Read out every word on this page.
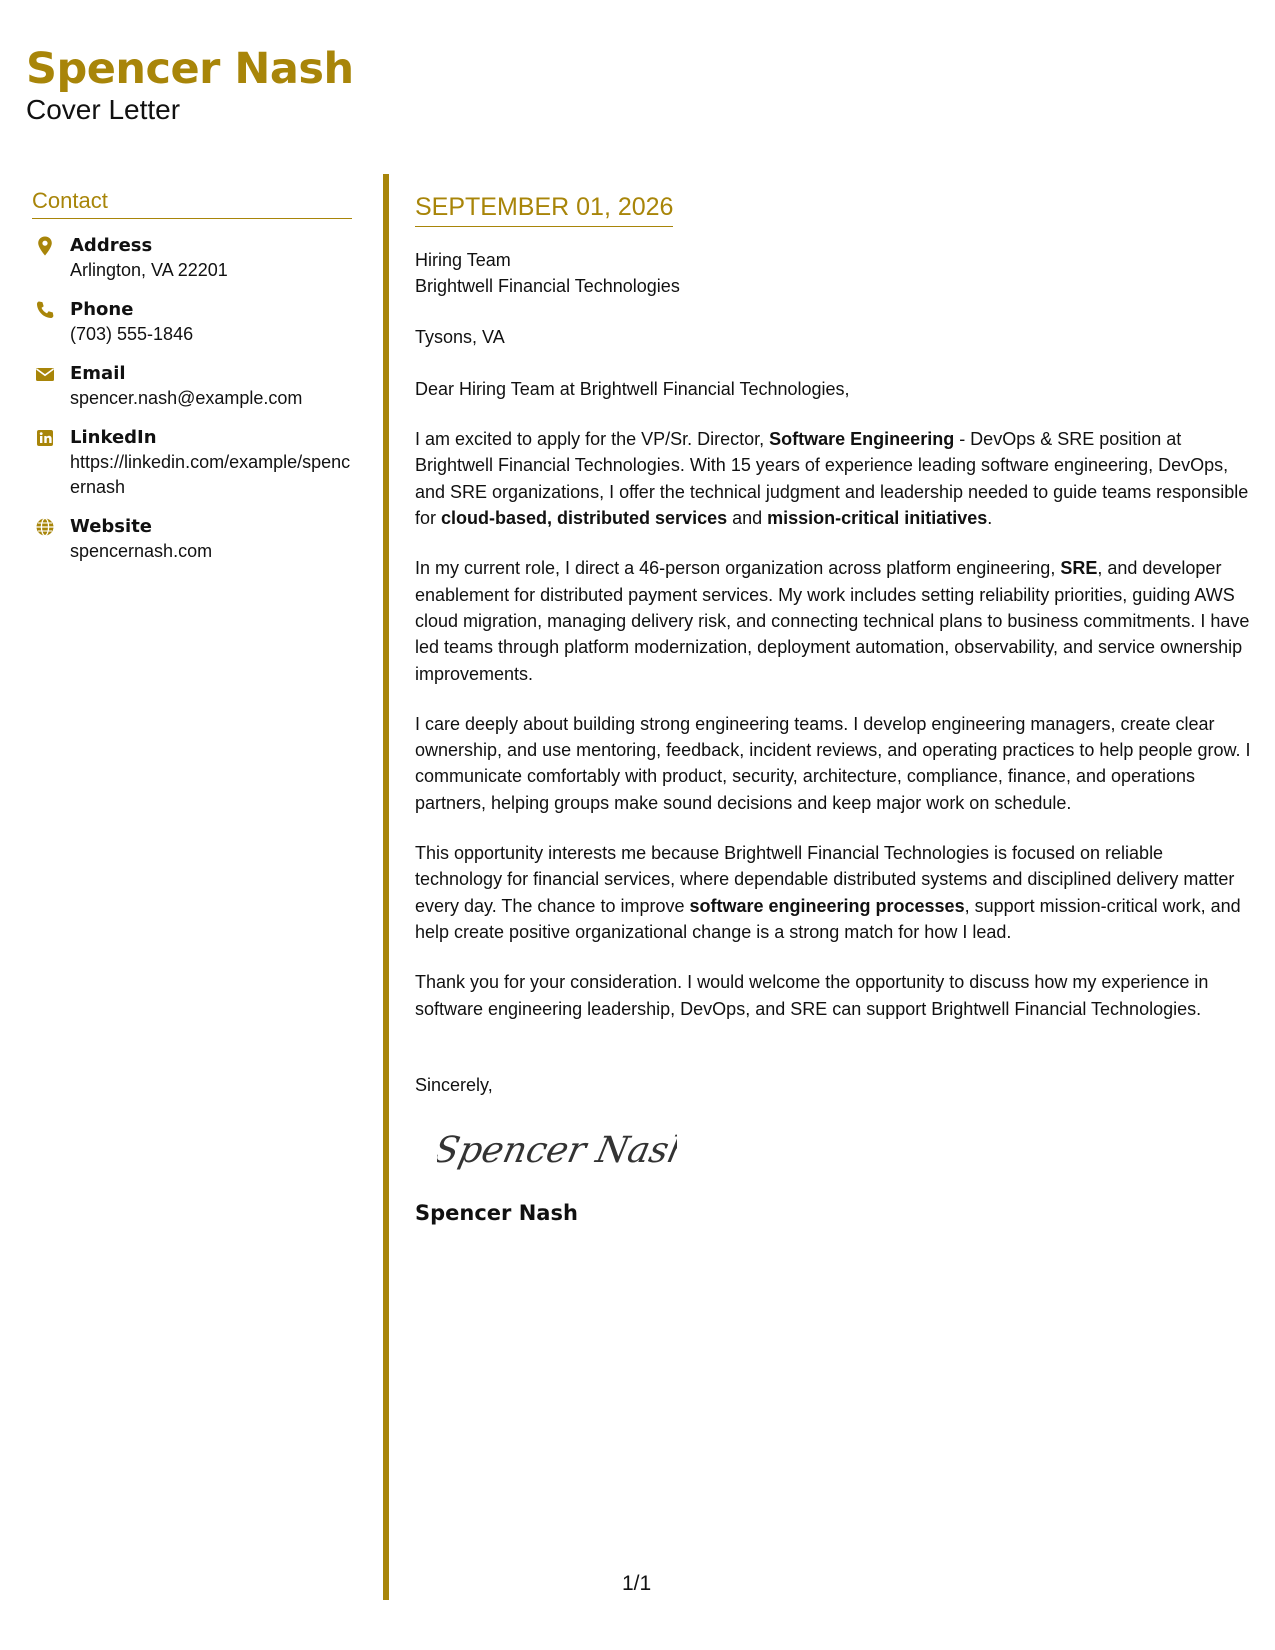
Spencer Nash
Cover Letter
Contact
Address
Arlington, VA 22201
Phone
(703) 555-1846
Email
spencer.nash@example.com
LinkedIn
https://linkedin.com/example/spencernash
Website
spencernash.com
SEPTEMBER 01, 2026
Hiring Team
Brightwell Financial Technologies
Tysons, VA

Dear Hiring Team at Brightwell Financial Technologies,

I am excited to apply for the VP/Sr. Director, Software Engineering - DevOps & SRE position at Brightwell Financial Technologies. With 15 years of experience leading software engineering, DevOps, and SRE organizations, I offer the technical judgment and leadership needed to guide teams responsible for cloud-based, distributed services and mission-critical initiatives.

In my current role, I direct a 46-person organization across platform engineering, SRE, and developer enablement for distributed payment services. My work includes setting reliability priorities, guiding AWS cloud migration, managing delivery risk, and connecting technical plans to business commitments. I have led teams through platform modernization, deployment automation, observability, and service ownership improvements.

I care deeply about building strong engineering teams. I develop engineering managers, create clear ownership, and use mentoring, feedback, incident reviews, and operating practices to help people grow. I communicate comfortably with product, security, architecture, compliance, finance, and operations partners, helping groups make sound decisions and keep major work on schedule.

This opportunity interests me because Brightwell Financial Technologies is focused on reliable technology for financial services, where dependable distributed systems and disciplined delivery matter every day. The chance to improve software engineering processes, support mission-critical work, and help create positive organizational change is a strong match for how I lead.

Thank you for your consideration. I would welcome the opportunity to discuss how my experience in software engineering leadership, DevOps, and SRE can support Brightwell Financial Technologies.

Sincerely,

Spencer Nash
Spencer Nash
1/1
